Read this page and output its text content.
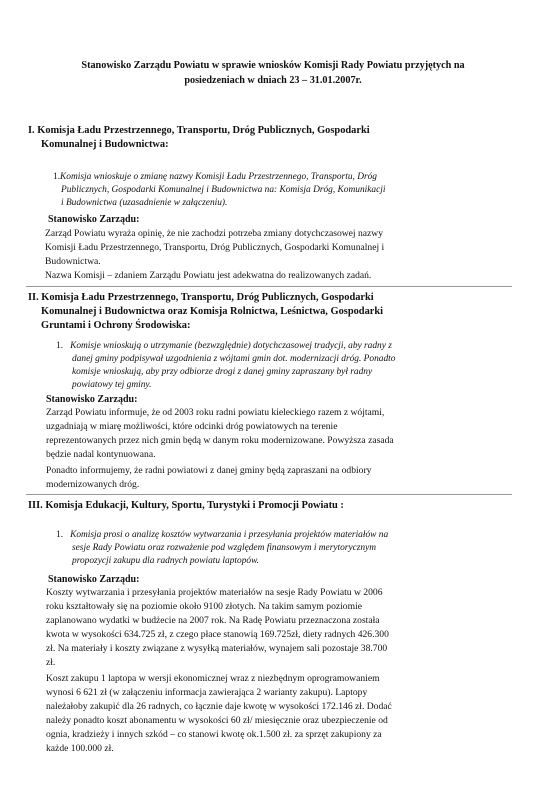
Stanowisko Zarządu Powiatu w sprawie wniosków Komisji Rady Powiatu przyjętych na
posiedzeniach w dniach 23 – 31.01.2007r.
I. Komisja Ładu Przestrzennego, Transportu, Dróg Publicznych, Gospodarki
Komunalnej i Budownictwa:
1.Komisja wnioskuje o zmianę nazwy Komisji Ładu Przestrzennego, Transportu, Dróg
Publicznych, Gospodarki Komunalnej i Budownictwa na: Komisja Dróg, Komunikacji
i Budownictwa (uzasadnienie w załączeniu).
Stanowisko Zarządu:
Zarząd Powiatu wyraża opinię, że nie zachodzi potrzeba zmiany dotychczasowej nazwy
Komisji Ładu Przestrzennego, Transportu, Dróg Publicznych, Gospodarki Komunalnej i
Budownictwa.
Nazwa Komisji – zdaniem Zarządu Powiatu jest adekwatna do realizowanych zadań.
II. Komisja Ładu Przestrzennego, Transportu, Dróg Publicznych, Gospodarki
Komunalnej i Budownictwa oraz Komisja Rolnictwa, Leśnictwa, Gospodarki
Gruntami i Ochrony Środowiska:
1. Komisje wnioskują o utrzymanie (bezwzględnie) dotychczasowej tradycji, aby radny z
danej gminy podpisywał uzgodnienia z wójtami gmin dot. modernizacji dróg. Ponadto
komisje wnioskują, aby przy odbiorze drogi z danej gminy zapraszany był radny
powiatowy tej gminy.
Stanowisko Zarządu:
Zarząd Powiatu informuje, że od 2003 roku radni powiatu kieleckiego razem z wójtami,
uzgadniają w miarę możliwości, które odcinki dróg powiatowych na terenie
reprezentowanych przez nich gmin będą w danym roku modernizowane. Powyższa zasada
będzie nadal kontynuowana.
Ponadto informujemy, że radni powiatowi z danej gminy będą zapraszani na odbiory
modernizowanych dróg.
III. Komisja Edukacji, Kultury, Sportu, Turystyki i Promocji Powiatu :
1. Komisja prosi o analizę kosztów wytwarzania i przesyłania projektów materiałów na
sesje Rady Powiatu oraz rozważenie pod względem finansowym i merytorycznym
propozycji zakupu dla radnych powiatu laptopów.
Stanowisko Zarządu:
Koszty wytwarzania i przesyłania projektów materiałów na sesje Rady Powiatu w 2006
roku kształtowały się na poziomie około 9100 złotych. Na takim samym poziomie
zaplanowano wydatki w budżecie na 2007 rok. Na Radę Powiatu przeznaczona została
kwota w wysokości 634.725 zł, z czego płace stanowią 169.725zł, diety radnych 426.300
zł. Na materiały i koszty związane z wysyłką materiałów, wynajem sali pozostaje 38.700
zł.
Koszt zakupu 1 laptopa w wersji ekonomicznej wraz z niezbędnym oprogramowaniem
wynosi 6 621 zł (w załączeniu informacja zawierająca 2 warianty zakupu). Laptopy
należałoby zakupić dla 26 radnych, co łącznie daje kwotę w wysokości 172.146 zł. Dodać
należy ponadto koszt abonamentu w wysokości 60 zł/ miesięcznie oraz ubezpieczenie od
ognia, kradzieży i innych szkód – co stanowi kwotę ok.1.500 zł. za sprzęt zakupiony za
każde 100.000 zł.
